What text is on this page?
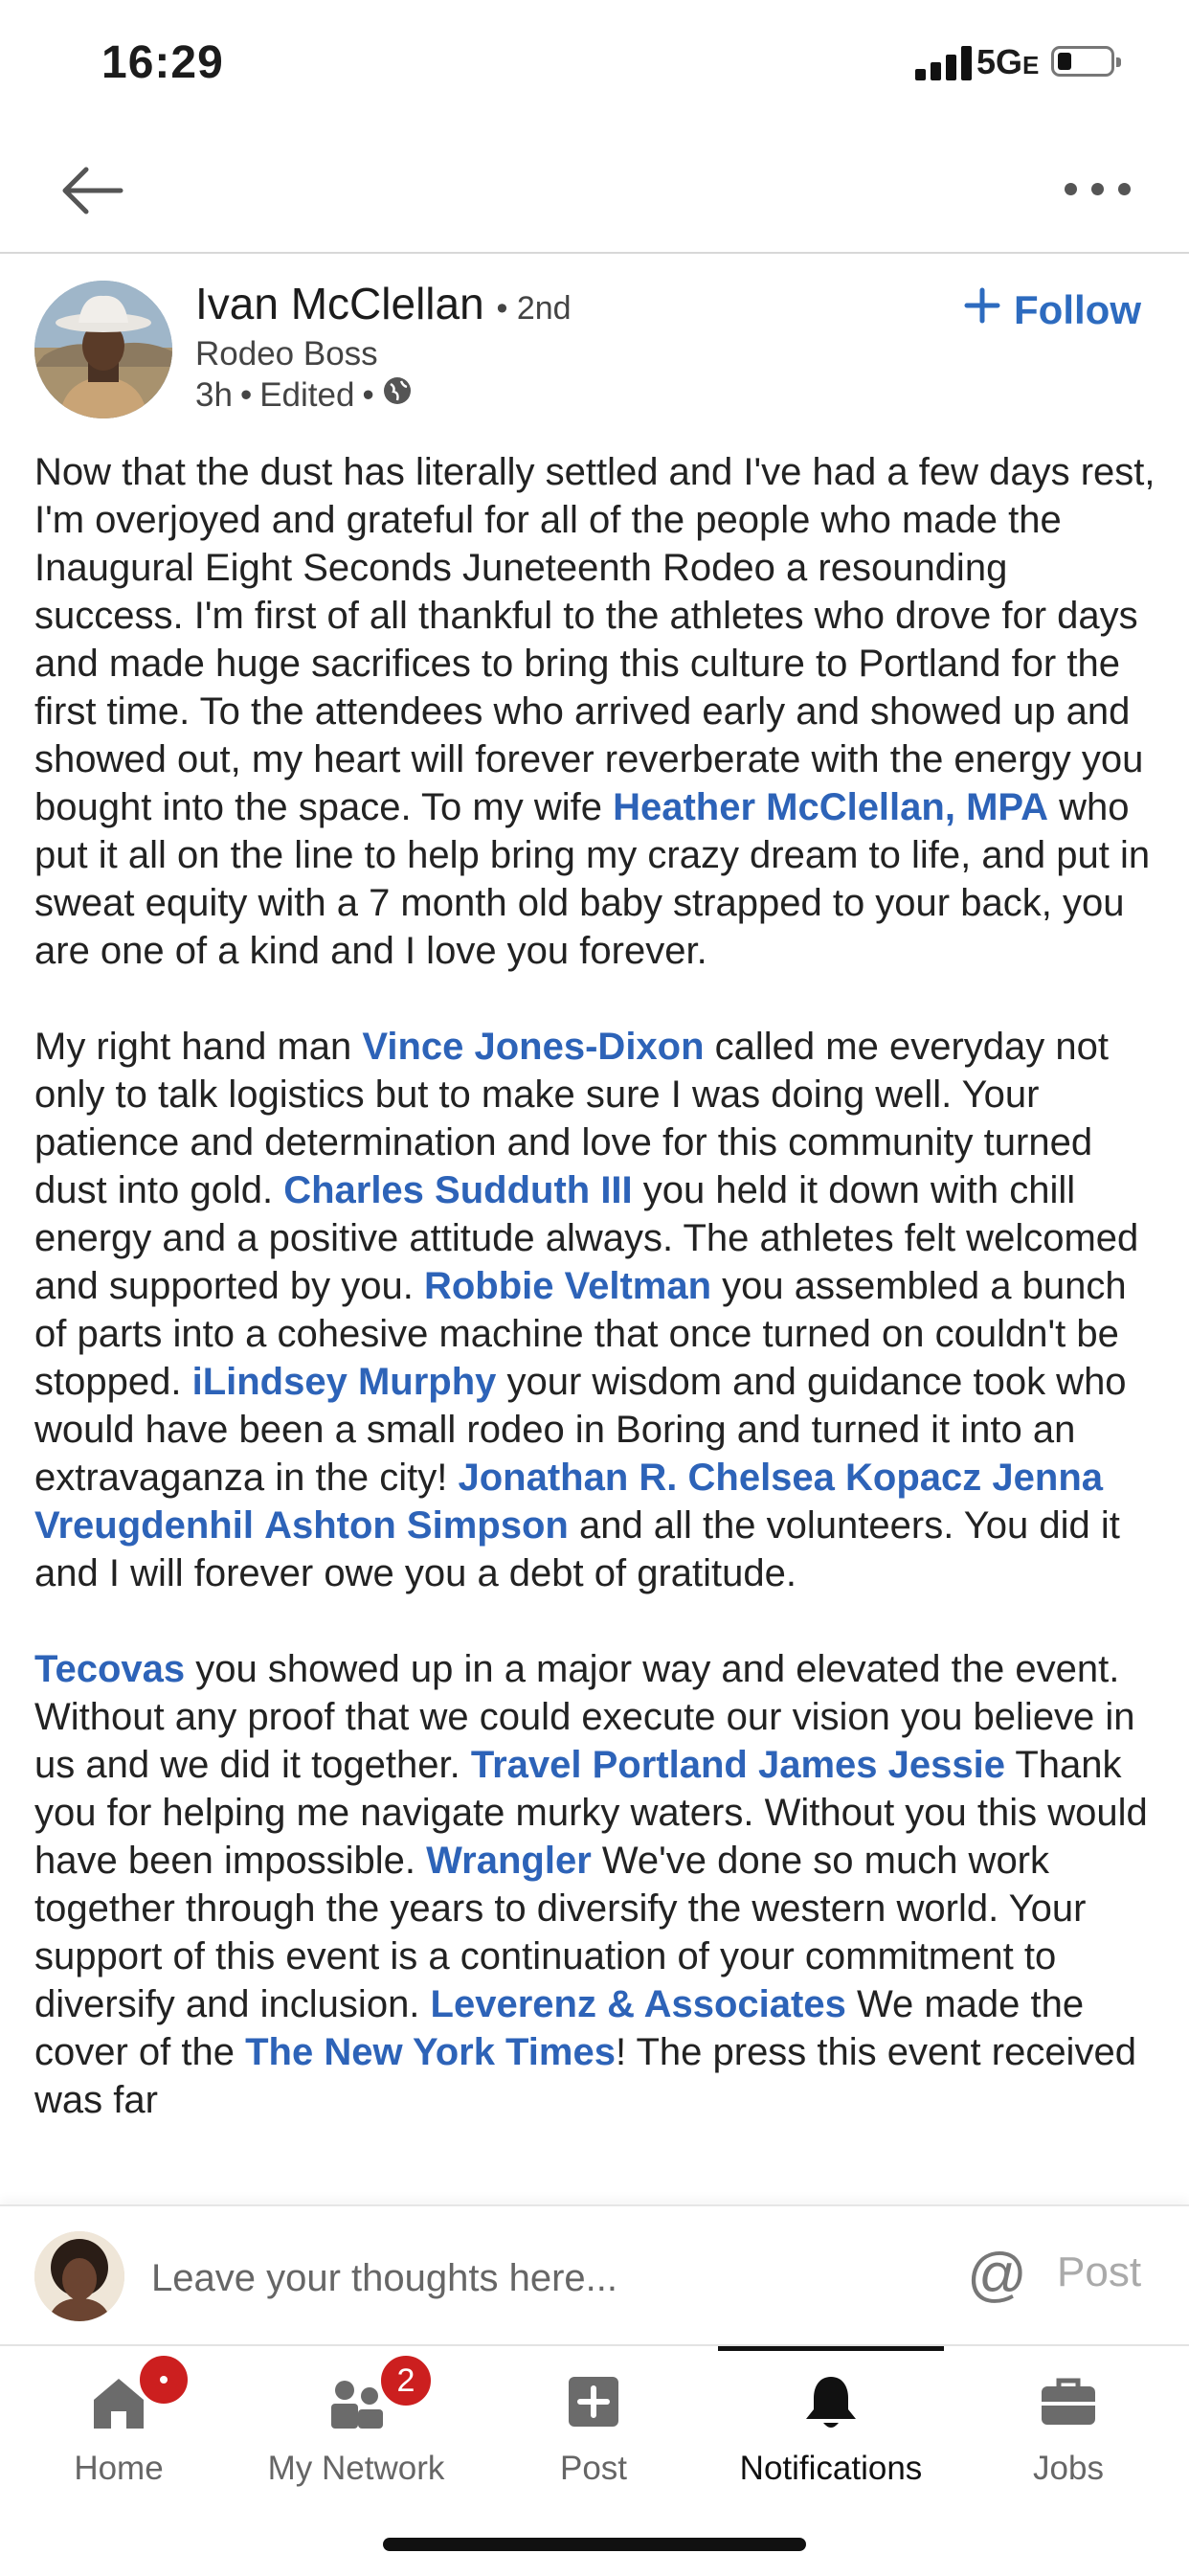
16:29	5GE
Ivan McClellan • 2nd
Rodeo Boss
3h • Edited •
Follow

Now that the dust has literally settled and I've had a few days rest, I'm overjoyed and grateful for all of the people who made the Inaugural Eight Seconds Juneteenth Rodeo a resounding success. I'm first of all thankful to the athletes who drove for days and made huge sacrifices to bring this culture to Portland for the first time. To the attendees who arrived early and showed up and showed out, my heart will forever reverberate with the energy you bought into the space. To my wife Heather McClellan, MPA who put it all on the line to help bring my crazy dream to life, and put in sweat equity with a 7 month old baby strapped to your back, you are one of a kind and I love you forever.

My right hand man Vince Jones-Dixon called me everyday not only to talk logistics but to make sure I was doing well. Your patience and determination and love for this community turned dust into gold. Charles Sudduth III you held it down with chill energy and a positive attitude always. The athletes felt welcomed and supported by you. Robbie Veltman you assembled a bunch of parts into a cohesive machine that once turned on couldn't be stopped. iLindsey Murphy your wisdom and guidance took who would have been a small rodeo in Boring and turned it into an extravaganza in the city! Jonathan R. Chelsea Kopacz Jenna Vreugdenhil Ashton Simpson and all the volunteers. You did it and I will forever owe you a debt of gratitude.

Tecovas you showed up in a major way and elevated the event. Without any proof that we could execute our vision you believe in us and we did it together. Travel Portland James Jessie Thank you for helping me navigate murky waters. Without you this would have been impossible. Wrangler We've done so much work together through the years to diversify the western world. Your support of this event is a continuation of your commitment to diversify and inclusion. Leverenz & Associates We made the cover of the The New York Times! The press this event received was far

Leave your thoughts here...
@ Post
Home
2
My Network	Post	Notifications	Jobs
